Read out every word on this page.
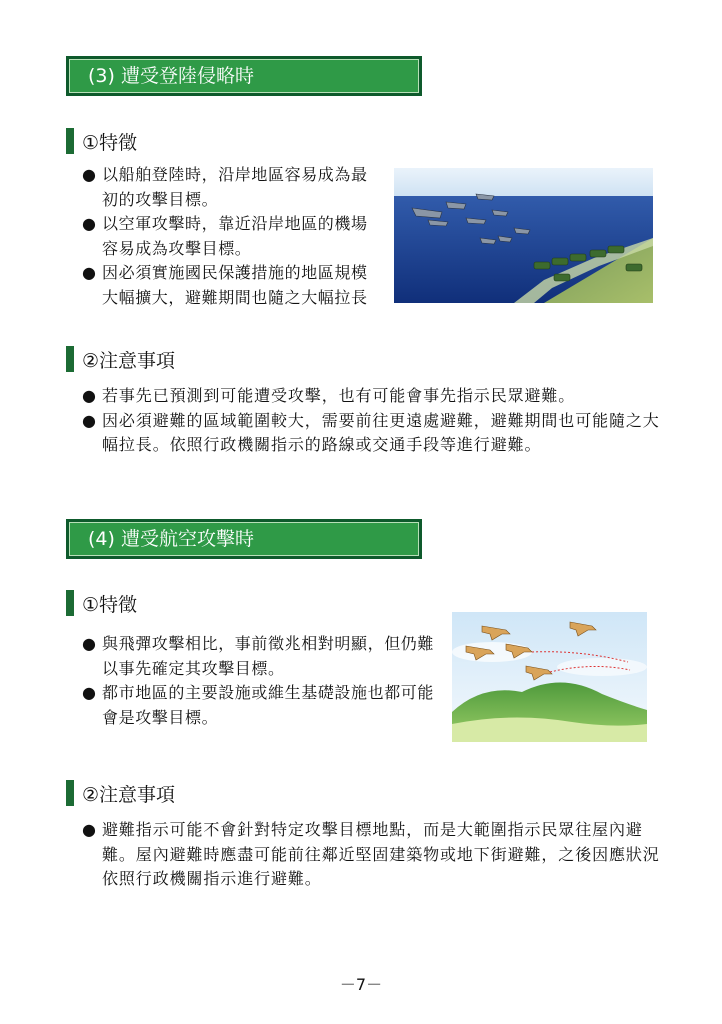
(3) 遭受登陸侵略時
①特徵
● 以船舶登陸時，沿岸地區容易成為最初的攻擊目標。
● 以空軍攻擊時，靠近沿岸地區的機場容易成為攻擊目標。
● 因必須實施國民保護措施的地區規模大幅擴大，避難期間也隨之大幅拉長
②注意事項
● 若事先已預測到可能遭受攻擊，也有可能會事先指示民眾避難。
● 因必須避難的區域範圍較大，需要前往更遠處避難，避難期間也可能隨之大幅拉長。依照行政機關指示的路線或交通手段等進行避難。
(4) 遭受航空攻擊時
①特徵
● 與飛彈攻擊相比，事前徵兆相對明顯，但仍難以事先確定其攻擊目標。
● 都市地區的主要設施或維生基礎設施也都可能會是攻擊目標。
②注意事項
● 避難指示可能不會針對特定攻擊目標地點，而是大範圍指示民眾往屋內避難。屋內避難時應盡可能前往鄰近堅固建築物或地下街避難，之後因應狀況依照行政機關指示進行避難。
－7－
